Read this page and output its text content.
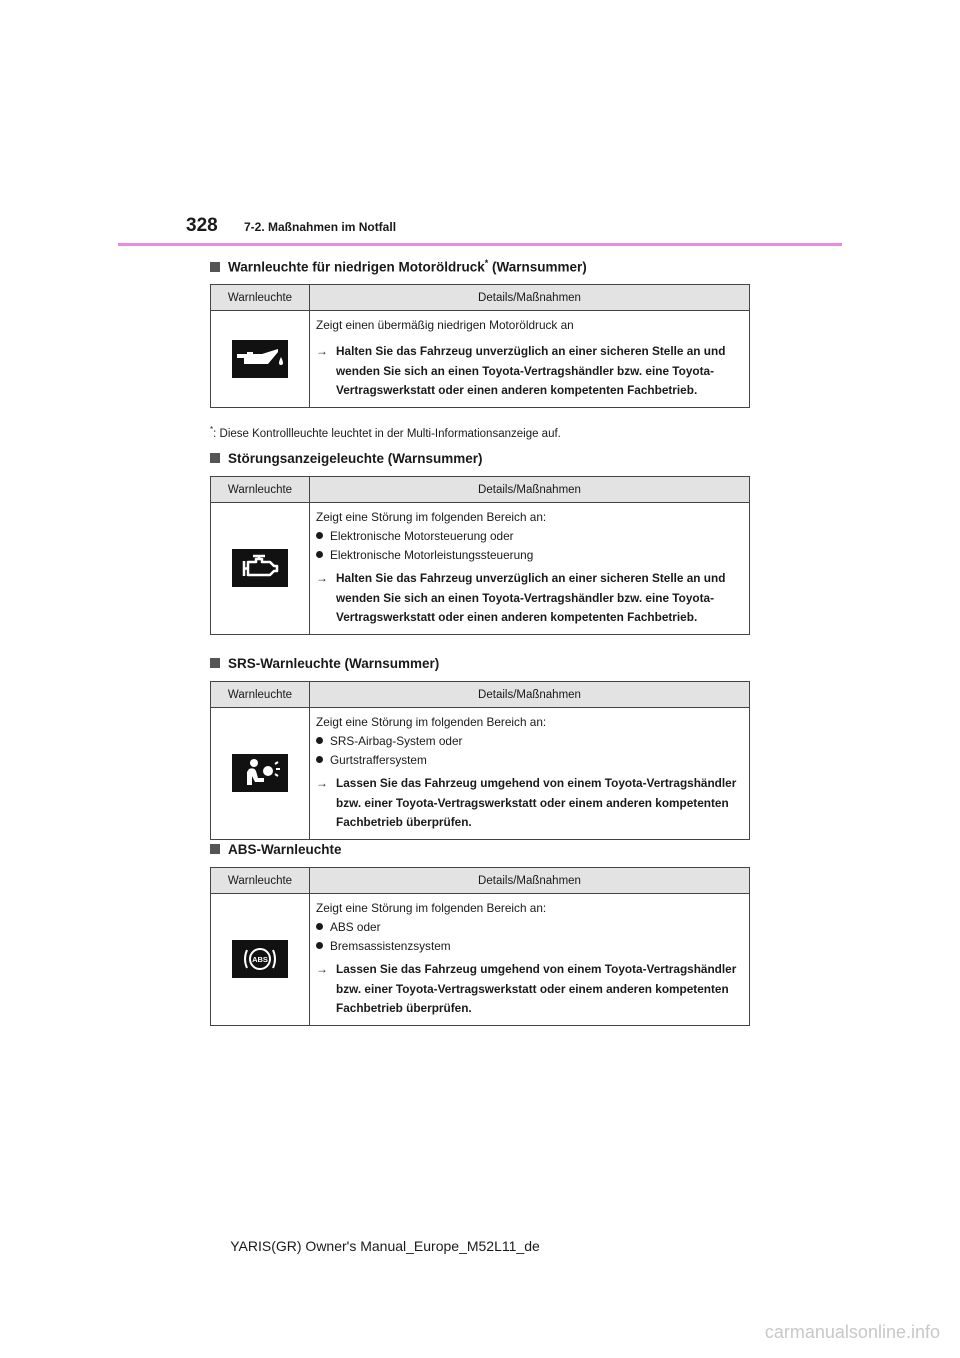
328 7-2. Maßnahmen im Notfall
Warnleuchte für niedrigen Motoröldruck* (Warnsummer)
Warnleuchte	Details/Maßnahmen

Zeigt einen übermäßig niedrigen Motoröldruck an

→ Halten Sie das Fahrzeug unverzüglich an einer sicheren Stelle an und wenden Sie sich an einen Toyota-Vertragshändler bzw. eine Toyota-Vertragswerkstatt oder einen anderen kompetenten Fachbetrieb.
*: Diese Kontrollleuchte leuchtet in der Multi-Informationsanzeige auf.
Störungsanzeigeleuchte (Warnsummer)
Warnleuchte	Details/Maßnahmen

Zeigt eine Störung im folgenden Bereich an:

Elektronische Motorsteuerung oder
Elektronische Motorleistungssteuerung
→ Halten Sie das Fahrzeug unverzüglich an einer sicheren Stelle an und wenden Sie sich an einen Toyota-Vertragshändler bzw. eine Toyota-Vertragswerkstatt oder einen anderen kompetenten Fachbetrieb.
SRS-Warnleuchte (Warnsummer)
Warnleuchte	Details/Maßnahmen

Zeigt eine Störung im folgenden Bereich an:

SRS-Airbag-System oder
Gurtstraffersystem
→ Lassen Sie das Fahrzeug umgehend von einem Toyota-Vertragshändler bzw. einer Toyota-Vertragswerkstatt oder einem anderen kompetenten Fachbetrieb überprüfen.
ABS-Warnleuchte
Warnleuchte	Details/Maßnahmen

ABS	Zeigt eine Störung im folgenden Bereich an:

ABS oder
Bremsassistenzsystem
→ Lassen Sie das Fahrzeug umgehend von einem Toyota-Vertragshändler bzw. einer Toyota-Vertragswerkstatt oder einem anderen kompetenten Fachbetrieb überprüfen.
YARIS(GR) Owner's Manual_Europe_M52L11_de
carmanualsonline.info
